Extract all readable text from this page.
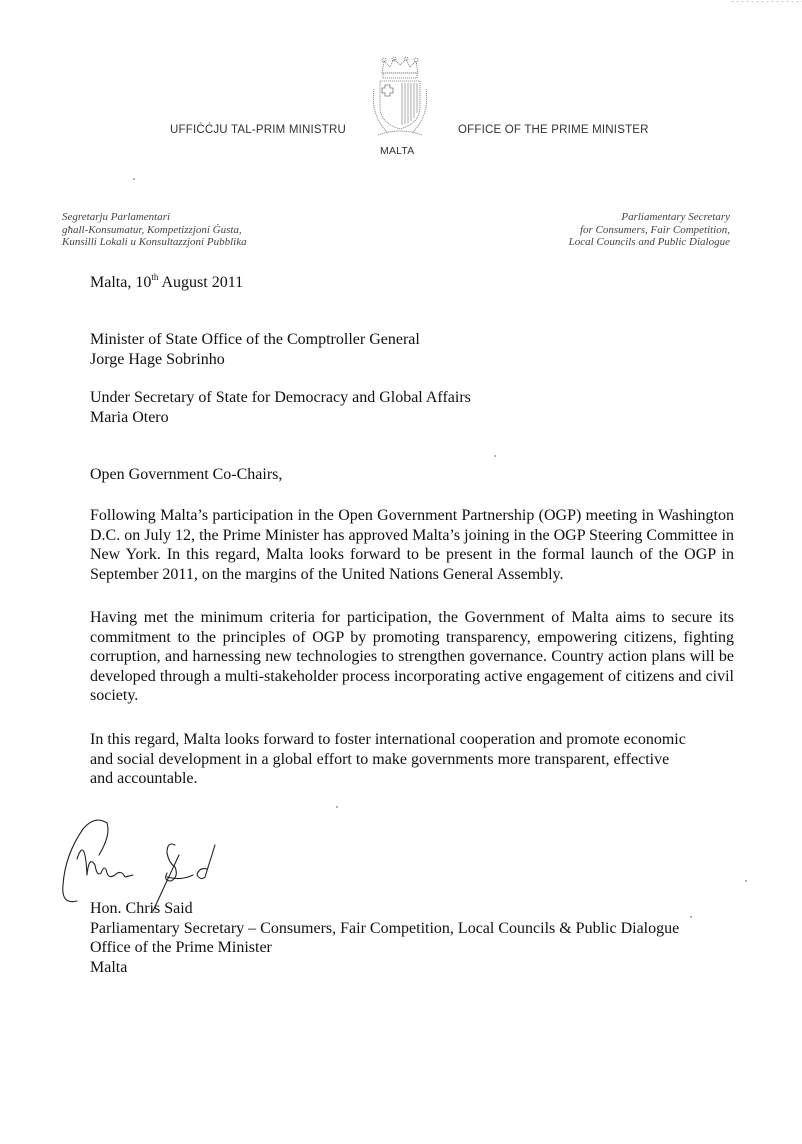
UFFIĊĊJU TAL-PRIM MINISTRU	OFFICE OF THE PRIME MINISTER
MALTA
Segretarju Parlamentari
għall-Konsumatur, Kompetizzjoni Ġusta,
Kunsilli Lokali u Konsultazzjoni Pubblika
Parliamentary Secretary
for Consumers, Fair Competition,
Local Councils and Public Dialogue
Malta, 10th August 2011
Minister of State Office of the Comptroller General
Jorge Hage Sobrinho
Under Secretary of State for Democracy and Global Affairs
Maria Otero
Open Government Co-Chairs,
Following Malta’s participation in the Open Government Partnership (OGP) meeting in Washington D.C. on July 12, the Prime Minister has approved Malta’s joining in the OGP Steering Committee in New York. In this regard, Malta looks forward to be present in the formal launch of the OGP in September 2011, on the margins of the United Nations General Assembly.
Having met the minimum criteria for participation, the Government of Malta aims to secure its commitment to the principles of OGP by promoting transparency, empowering citizens, fighting corruption, and harnessing new technologies to strengthen governance. Country action plans will be developed through a multi-stakeholder process incorporating active engagement of citizens and civil society.
In this regard, Malta looks forward to foster international cooperation and promote economic
and social development in a global effort to make governments more transparent, effective
and accountable.
Hon. Chris Said
Parliamentary Secretary – Consumers, Fair Competition, Local Councils & Public Dialogue
Office of the Prime Minister
Malta
